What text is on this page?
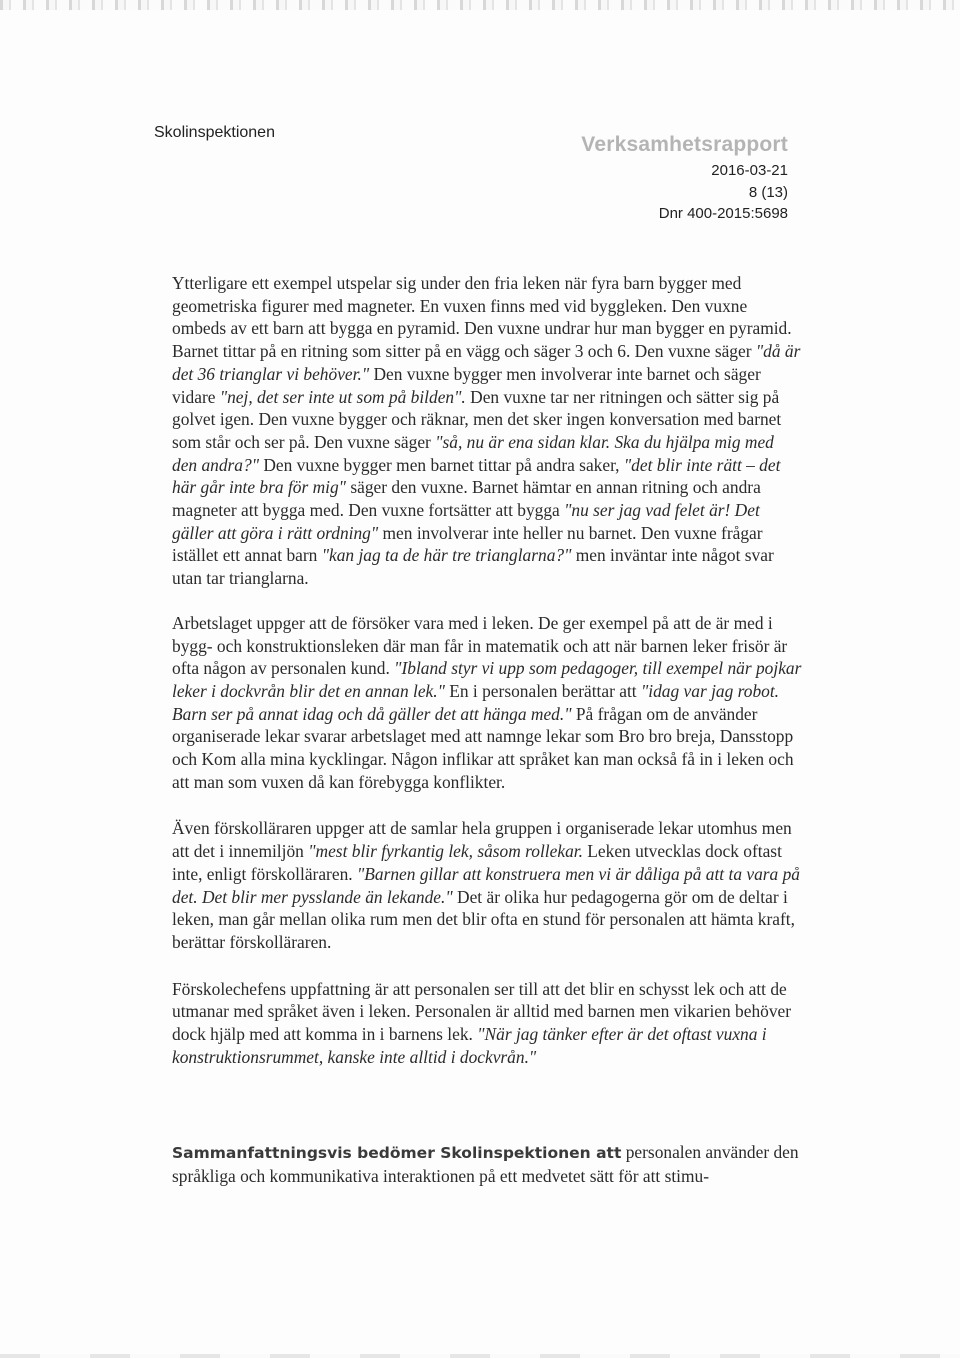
Skolinspektionen
Verksamhetsrapport
2016-03-21
8 (13)
Dnr 400-2015:5698

Ytterligare ett exempel utspelar sig under den fria leken när fyra barn bygger med geometriska figurer med magneter. En vuxen finns med vid byggleken. Den vuxne ombeds av ett barn att bygga en pyramid. Den vuxne undrar hur man bygger en pyramid. Barnet tittar på en ritning som sitter på en vägg och säger 3 och 6. Den vuxne säger "då är det 36 trianglar vi behöver." Den vuxne bygger men involverar inte barnet och säger vidare "nej, det ser inte ut som på bilden". Den vuxne tar ner ritningen och sätter sig på golvet igen. Den vuxne bygger och räknar, men det sker ingen konversation med barnet som står och ser på. Den vuxne säger "så, nu är ena sidan klar. Ska du hjälpa mig med den andra?" Den vuxne bygger men barnet tittar på andra saker, "det blir inte rätt – det här går inte bra för mig" säger den vuxne. Barnet hämtar en annan ritning och andra magneter att bygga med. Den vuxne fortsätter att bygga "nu ser jag vad felet är! Det gäller att göra i rätt ordning" men involverar inte heller nu barnet. Den vuxne frågar istället ett annat barn "kan jag ta de här tre trianglarna?" men inväntar inte något svar utan tar trianglarna.

Arbetslaget uppger att de försöker vara med i leken. De ger exempel på att de är med i bygg- och konstruktionsleken där man får in matematik och att när barnen leker frisör är ofta någon av personalen kund. "Ibland styr vi upp som pedagoger, till exempel när pojkar leker i dockvrån blir det en annan lek." En i personalen berättar att "idag var jag robot. Barn ser på annat idag och då gäller det att hänga med." På frågan om de använder organiserade lekar svarar arbetslaget med att namnge lekar som Bro bro breja, Dansstopp och Kom alla mina kycklingar. Någon inflikar att språket kan man också få in i leken och att man som vuxen då kan förebygga konflikter.

Även förskolläraren uppger att de samlar hela gruppen i organiserade lekar utomhus men att det i innemiljön "mest blir fyrkantig lek, såsom rollekar. Leken utvecklas dock oftast inte, enligt förskolläraren. "Barnen gillar att konstruera men vi är dåliga på att ta vara på det. Det blir mer pysslande än lekande." Det är olika hur pedagogerna gör om de deltar i leken, man går mellan olika rum men det blir ofta en stund för personalen att hämta kraft, berättar förskolläraren.

Förskolechefens uppfattning är att personalen ser till att det blir en schysst lek och att de utmanar med språket även i leken. Personalen är alltid med barnen men vikarien behöver dock hjälp med att komma in i barnens lek. "När jag tänker efter är det oftast vuxna i konstruktionsrummet, kanske inte alltid i dockvrån."

Sammanfattningsvis bedömer Skolinspektionen att personalen använder den språkliga och kommunikativa interaktionen på ett medvetet sätt för att stimu-
